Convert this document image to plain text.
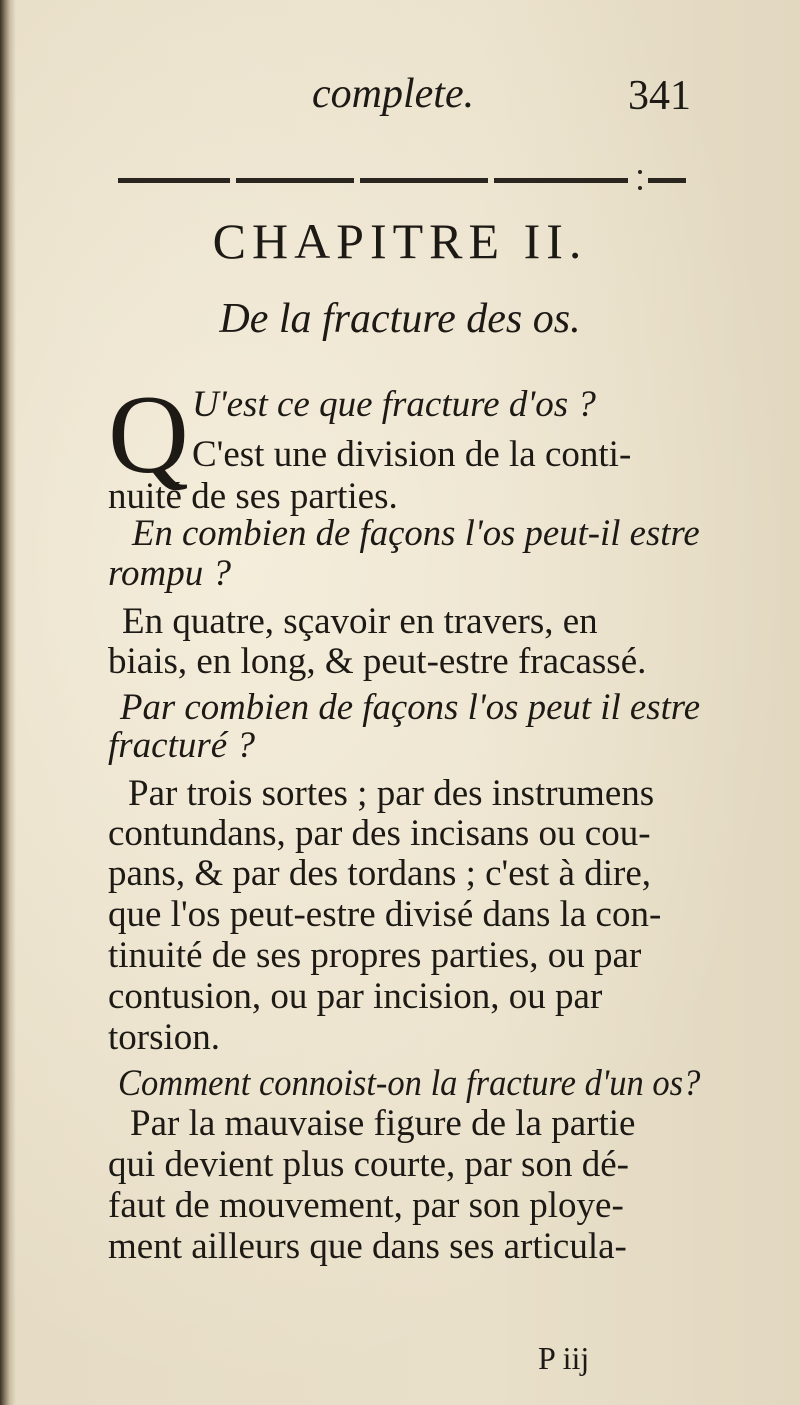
complete.	341
CHAPITRE II.
De la fracture des os.
Q U'est ce que fracture d'os ?
C'est une division de la conti-
nuité de ses parties.
En combien de façons l'os peut-il estre
rompu ?
En quatre, sçavoir en travers, en
biais, en long, & peut-estre fracassé.
Par combien de façons l'os peut il estre
fracturé ?
Par trois sortes ; par des instrumens
contundans, par des incisans ou cou-
pans, & par des tordans ; c'est à dire,
que l'os peut-estre divisé dans la con-
tinuité de ses propres parties, ou par
contusion, ou par incision, ou par
torsion.
Comment connoist-on la fracture d'un os?
Par la mauvaise figure de la partie
qui devient plus courte, par son dé-
faut de mouvement, par son ploye-
ment ailleurs que dans ses articula-
P iij
